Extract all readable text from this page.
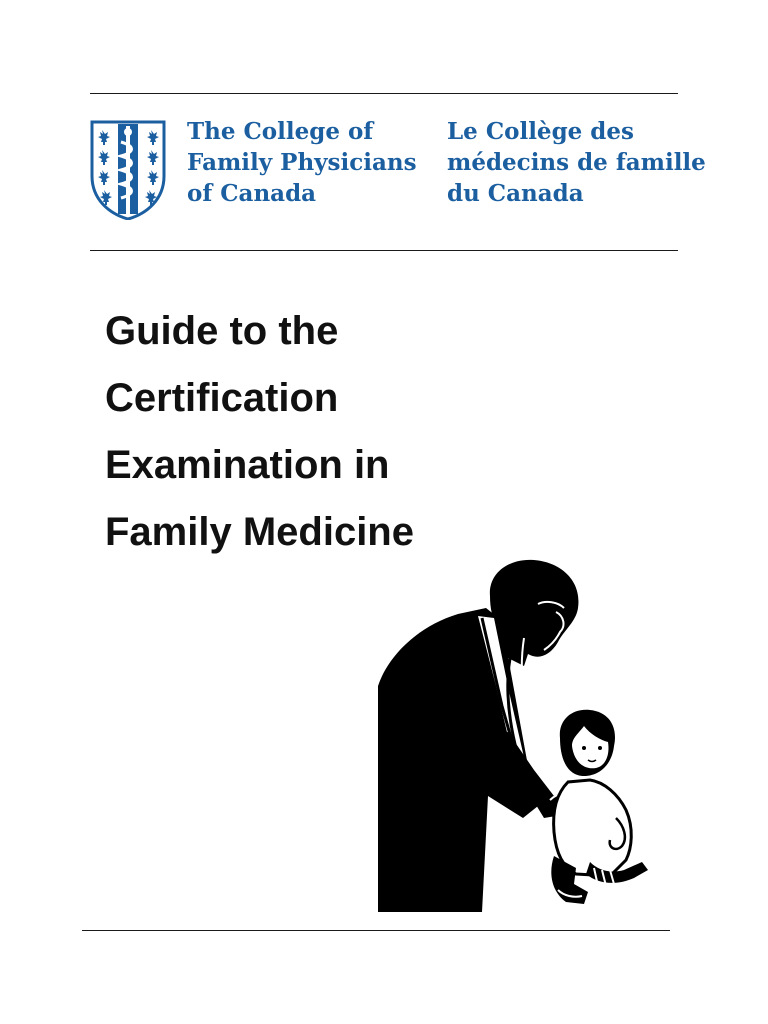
The College of
Family Physicians
of Canada
Le Collège des
médecins de famille
du Canada
Guide to the
Certification
Examination in
Family Medicine
